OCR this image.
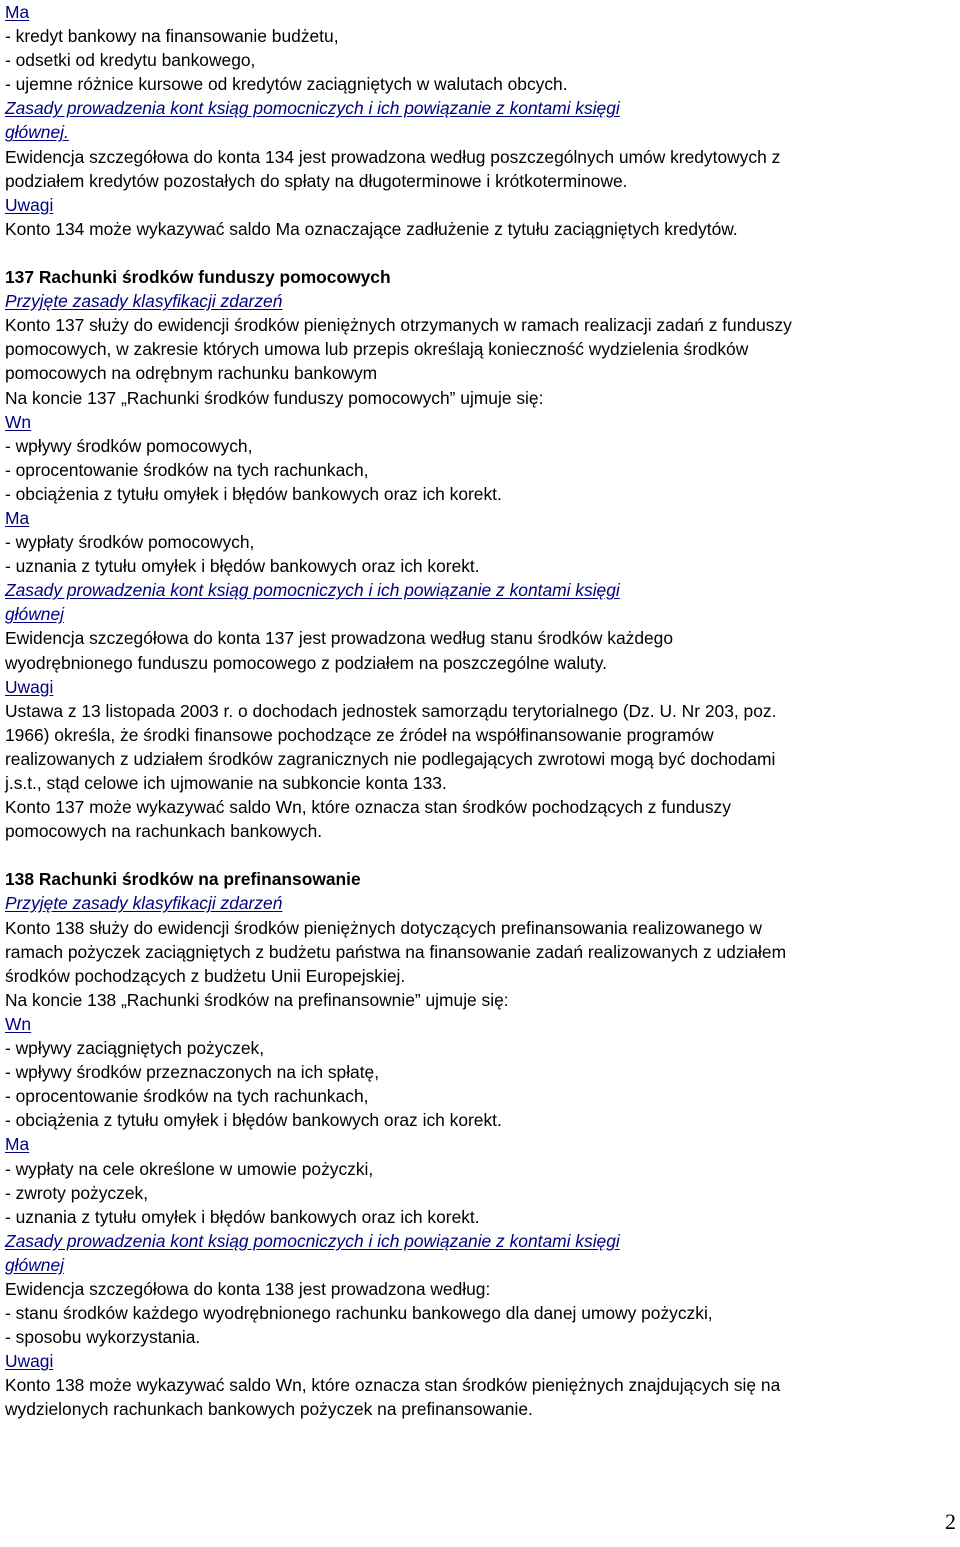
Ma
- kredyt bankowy na finansowanie budżetu,
- odsetki od kredytu bankowego,
- ujemne różnice kursowe od kredytów zaciągniętych w walutach obcych.
Zasady prowadzenia kont ksiąg pomocniczych i ich powiązanie z kontami księgi
głównej.
Ewidencja szczegółowa do konta 134 jest prowadzona według poszczególnych umów kredytowych z
podziałem kredytów pozostałych do spłaty na długoterminowe i krótkoterminowe.
Uwagi
Konto 134 może wykazywać saldo Ma oznaczające zadłużenie z tytułu zaciągniętych kredytów.
137 Rachunki środków funduszy pomocowych
Przyjęte zasady klasyfikacji zdarzeń
Konto 137 służy do ewidencji środków pieniężnych otrzymanych w ramach realizacji zadań z funduszy
pomocowych, w zakresie których umowa lub przepis określają konieczność wydzielenia środków
pomocowych na odrębnym rachunku bankowym
Na koncie 137 „Rachunki środków funduszy pomocowych” ujmuje się:
Wn
- wpływy środków pomocowych,
- oprocentowanie środków na tych rachunkach,
- obciążenia z tytułu omyłek i błędów bankowych oraz ich korekt.
Ma
- wypłaty środków pomocowych,
- uznania z tytułu omyłek i błędów bankowych oraz ich korekt.
Zasady prowadzenia kont ksiąg pomocniczych i ich powiązanie z kontami księgi
głównej
Ewidencja szczegółowa do konta 137 jest prowadzona według stanu środków każdego
wyodrębnionego funduszu pomocowego z podziałem na poszczególne waluty.
Uwagi
Ustawa z 13 listopada 2003 r. o dochodach jednostek samorządu terytorialnego (Dz. U. Nr 203, poz.
1966) określa, że środki finansowe pochodzące ze źródeł na współfinansowanie programów
realizowanych z udziałem środków zagranicznych nie podlegających zwrotowi mogą być dochodami
j.s.t., stąd celowe ich ujmowanie na subkoncie konta 133.
Konto 137 może wykazywać saldo Wn, które oznacza stan środków pochodzących z funduszy
pomocowych na rachunkach bankowych.
138 Rachunki środków na prefinansowanie
Przyjęte zasady klasyfikacji zdarzeń
Konto 138 służy do ewidencji środków pieniężnych dotyczących prefinansowania realizowanego w
ramach pożyczek zaciągniętych z budżetu państwa na finansowanie zadań realizowanych z udziałem
środków pochodzących z budżetu Unii Europejskiej.
Na koncie 138 „Rachunki środków na prefinansownie” ujmuje się:
Wn
- wpływy zaciągniętych pożyczek,
- wpływy środków przeznaczonych na ich spłatę,
- oprocentowanie środków na tych rachunkach,
- obciążenia z tytułu omyłek i błędów bankowych oraz ich korekt.
Ma
- wypłaty na cele określone w umowie pożyczki,
- zwroty pożyczek,
- uznania z tytułu omyłek i błędów bankowych oraz ich korekt.
Zasady prowadzenia kont ksiąg pomocniczych i ich powiązanie z kontami księgi
głównej
Ewidencja szczegółowa do konta 138 jest prowadzona według:
- stanu środków każdego wyodrębnionego rachunku bankowego dla danej umowy pożyczki,
- sposobu wykorzystania.
Uwagi
Konto 138 może wykazywać saldo Wn, które oznacza stan środków pieniężnych znajdujących się na
wydzielonych rachunkach bankowych pożyczek na prefinansowanie.
2
